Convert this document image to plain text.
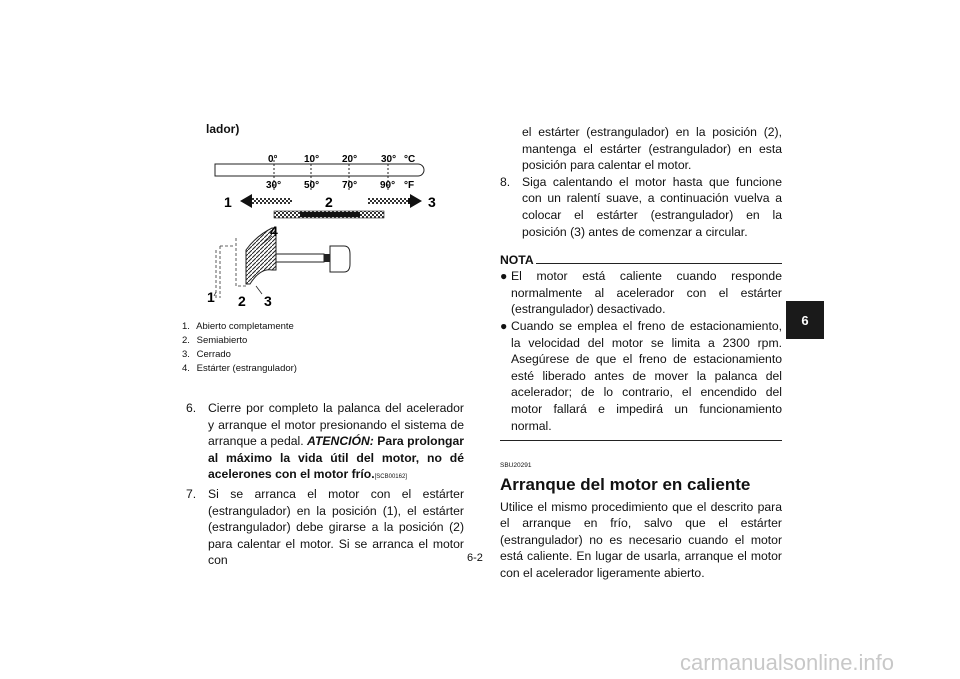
lador)
0°	10° 20° 30° °C
30° 50° 70° 90° °F
1	2	3
4
1 2 3
1. Abierto completamente
2. Semiabierto
3. Cerrado
4. Estárter (estrangulador)
6. Cierre por completo la palanca del acelerador y arranque el motor presionando el sistema de arranque a pedal. ATENCIÓN: Para prolongar al máximo la vida útil del motor, no dé acelerones con el motor frío.[SCB00162]
7. Si se arranca el motor con el estárter (estrangulador) en la posición (1), el estárter (estrangulador) debe girarse a la posición (2) para calentar el motor. Si se arranca el motor con
el estárter (estrangulador) en la posición (2), mantenga el estárter (estrangulador) en esta posición para calentar el motor.
8. Siga calentando el motor hasta que funcione con un ralentí suave, a continuación vuelva a colocar el estárter (estrangulador) en la posición (3) antes de comenzar a circular.
NOTA
● El motor está caliente cuando responde normalmente al acelerador con el estárter (estrangulador) desactivado.
● Cuando se emplea el freno de estacionamiento, la velocidad del motor se limita a 2300 rpm. Asegúrese de que el freno de estacionamiento esté liberado antes de mover la palanca del acelerador; de lo contrario, el encendido del motor fallará e impedirá un funcionamiento normal.
SBU20291
Arranque del motor en caliente
Utilice el mismo procedimiento que el descrito para el arranque en frío, salvo que el estárter (estrangulador) no es necesario cuando el motor está caliente. En lugar de usarla, arranque el motor con el acelerador ligeramente abierto.
6
6-2
carmanualsonline.info
